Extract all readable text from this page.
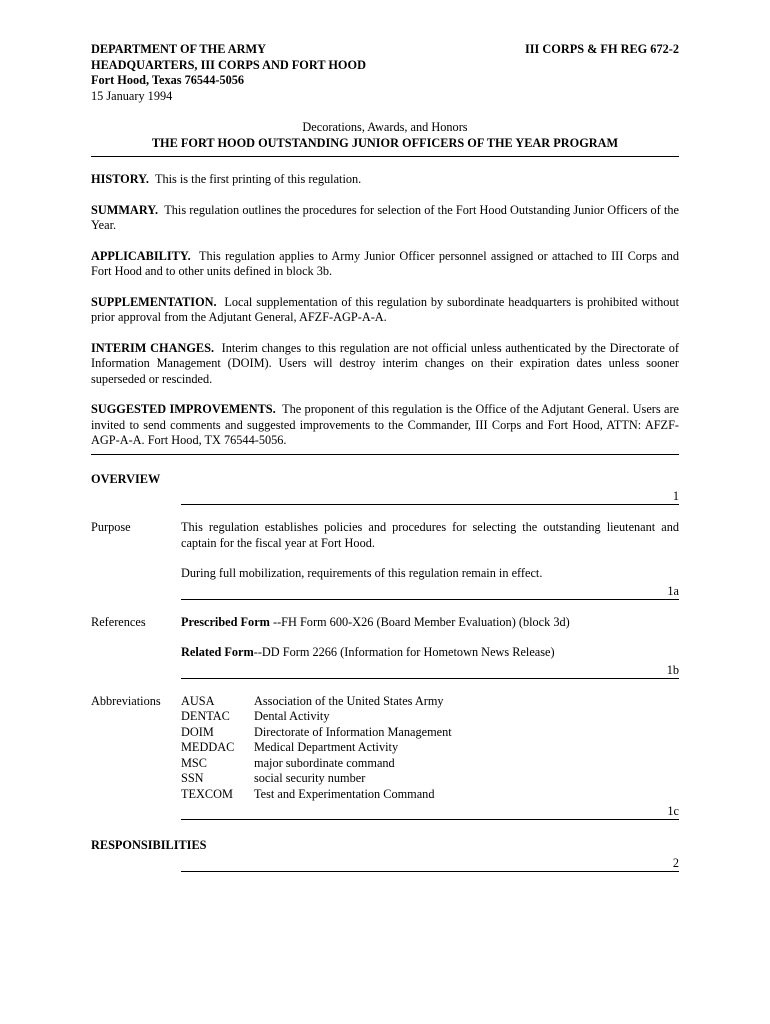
DEPARTMENT OF THE ARMY
HEADQUARTERS, III CORPS AND FORT HOOD
Fort Hood, Texas 76544-5056
15 January 1994
III CORPS & FH REG 672-2
Decorations, Awards, and Honors
THE FORT HOOD OUTSTANDING JUNIOR OFFICERS OF THE YEAR PROGRAM

HISTORY. This is the first printing of this regulation.

SUMMARY. This regulation outlines the procedures for selection of the Fort Hood Outstanding Junior Officers of the Year.

APPLICABILITY. This regulation applies to Army Junior Officer personnel assigned or attached to III Corps and Fort Hood and to other units defined in block 3b.

SUPPLEMENTATION. Local supplementation of this regulation by subordinate headquarters is prohibited without prior approval from the Adjutant General, AFZF-AGP-A-A.

INTERIM CHANGES. Interim changes to this regulation are not official unless authenticated by the Directorate of Information Management (DOIM). Users will destroy interim changes on their expiration dates unless sooner superseded or rescinded.

SUGGESTED IMPROVEMENTS. The proponent of this regulation is the Office of the Adjutant General. Users are invited to send comments and suggested improvements to the Commander, III Corps and Fort Hood, ATTN: AFZF-AGP-A-A. Fort Hood, TX 76544-5056.

OVERVIEW
1
Purpose	This regulation establishes policies and procedures for selecting the outstanding lieutenant and captain for the fiscal year at Fort Hood.

During full mobilization, requirements of this regulation remain in effect.

1a
References	Prescribed Form --FH Form 600-X26 (Board Member Evaluation) (block 3d)

Related Form--DD Form 2266 (Information for Hometown News Release)

1b
Abbreviations	AUSA	Association of the United States Army
DENTAC	Dental Activity
DOIM	Directorate of Information Management
MEDDAC	Medical Department Activity
MSC	major subordinate command
SSN	social security number
TEXCOM	Test and Experimentation Command
1c
RESPONSIBILITIES
2
